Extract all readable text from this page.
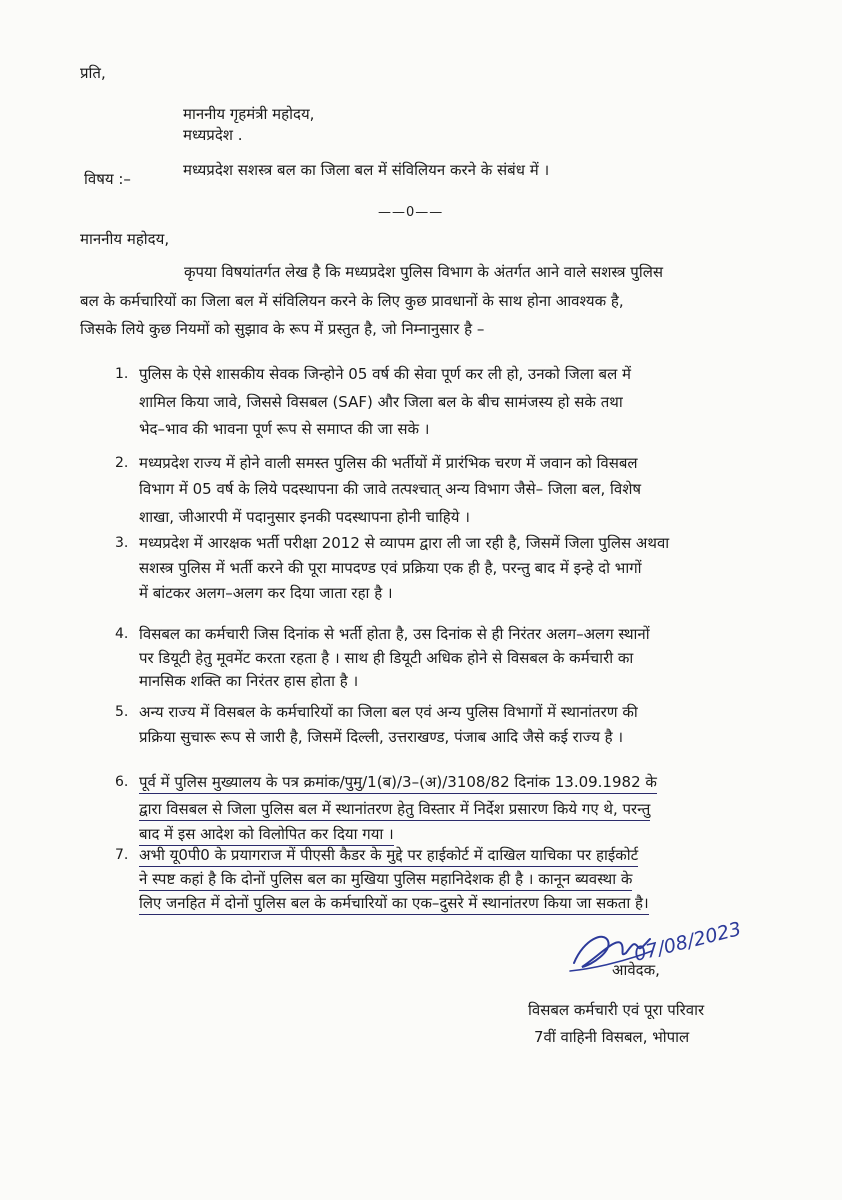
प्रति,
माननीय गृहमंत्री महोदय,
मध्यप्रदेश .
विषय :–	मध्यप्रदेश सशस्त्र बल का जिला बल में संविलियन करने के संबंध में ।
——0——
माननीय महोदय,
कृपया विषयांतर्गत लेख है कि मध्यप्रदेश पुलिस विभाग के अंतर्गत आने वाले सशस्त्र पुलिस
बल के कर्मचारियों का जिला बल में संविलियन करने के लिए कुछ प्रावधानों के साथ होना आवश्यक है,
जिसके लिये कुछ नियमों को सुझाव के रूप में प्रस्तुत है, जो निम्नानुसार है –
1. पुलिस के ऐसे शासकीय सेवक जिन्होने 05 वर्ष की सेवा पूर्ण कर ली हो, उनको जिला बल में
शामिल किया जावे, जिससे विसबल (SAF) और जिला बल के बीच सामंजस्य हो सके तथा
भेद–भाव की भावना पूर्ण रूप से समाप्त की जा सके ।
2. मध्यप्रदेश राज्य में होने वाली समस्त पुलिस की भर्तीयों में प्रारंभिक चरण में जवान को विसबल
विभाग में 05 वर्ष के लिये पदस्थापना की जावे तत्पश्चात् अन्य विभाग जैसे– जिला बल, विशेष
शाखा, जीआरपी में पदानुसार इनकी पदस्थापना होनी चाहिये ।
3. मध्यप्रदेश में आरक्षक भर्ती परीक्षा 2012 से व्यापम द्वारा ली जा रही है, जिसमें जिला पुलिस अथवा
सशस्त्र पुलिस में भर्ती करने की पूरा मापदण्ड एवं प्रक्रिया एक ही है, परन्तु बाद में इन्हे दो भागों
में बांटकर अलग–अलग कर दिया जाता रहा है ।
4. विसबल का कर्मचारी जिस दिनांक से भर्ती होता है, उस दिनांक से ही निरंतर अलग–अलग स्थानों
पर डियूटी हेतु मूवमेंट करता रहता है । साथ ही डियूटी अधिक होने से विसबल के कर्मचारी का
मानसिक शक्ति का निरंतर हास होता है ।
5. अन्य राज्य में विसबल के कर्मचारियों का जिला बल एवं अन्य पुलिस विभागों में स्थानांतरण की
प्रक्रिया सुचारू रूप से जारी है, जिसमें दिल्ली, उत्तराखण्ड, पंजाब आदि जैसे कई राज्य है ।
6. पूर्व में पुलिस मुख्यालय के पत्र क्रमांक/पुमु/1(ब)/3–(अ)/3108/82 दिनांक 13.09.1982 के
द्वारा विसबल से जिला पुलिस बल में स्थानांतरण हेतु विस्तार में निर्देश प्रसारण किये गए थे, परन्तु
बाद में इस आदेश को विलोपित कर दिया गया ।
7. अभी यू0पी0 के प्रयागराज में पीएसी कैडर के मुद्दे पर हाईकोर्ट में दाखिल याचिका पर हाईकोर्ट
ने स्पष्ट कहां है कि दोनों पुलिस बल का मुखिया पुलिस महानिदेशक ही है । कानून ब्यवस्था के
लिए जनहित में दोनों पुलिस बल के कर्मचारियों का एक–दुसरे में स्थानांतरण किया जा सकता है।
07/08/2023
आवेदक,
विसबल कर्मचारी एवं पूरा परिवार
7वीं वाहिनी विसबल, भोपाल
